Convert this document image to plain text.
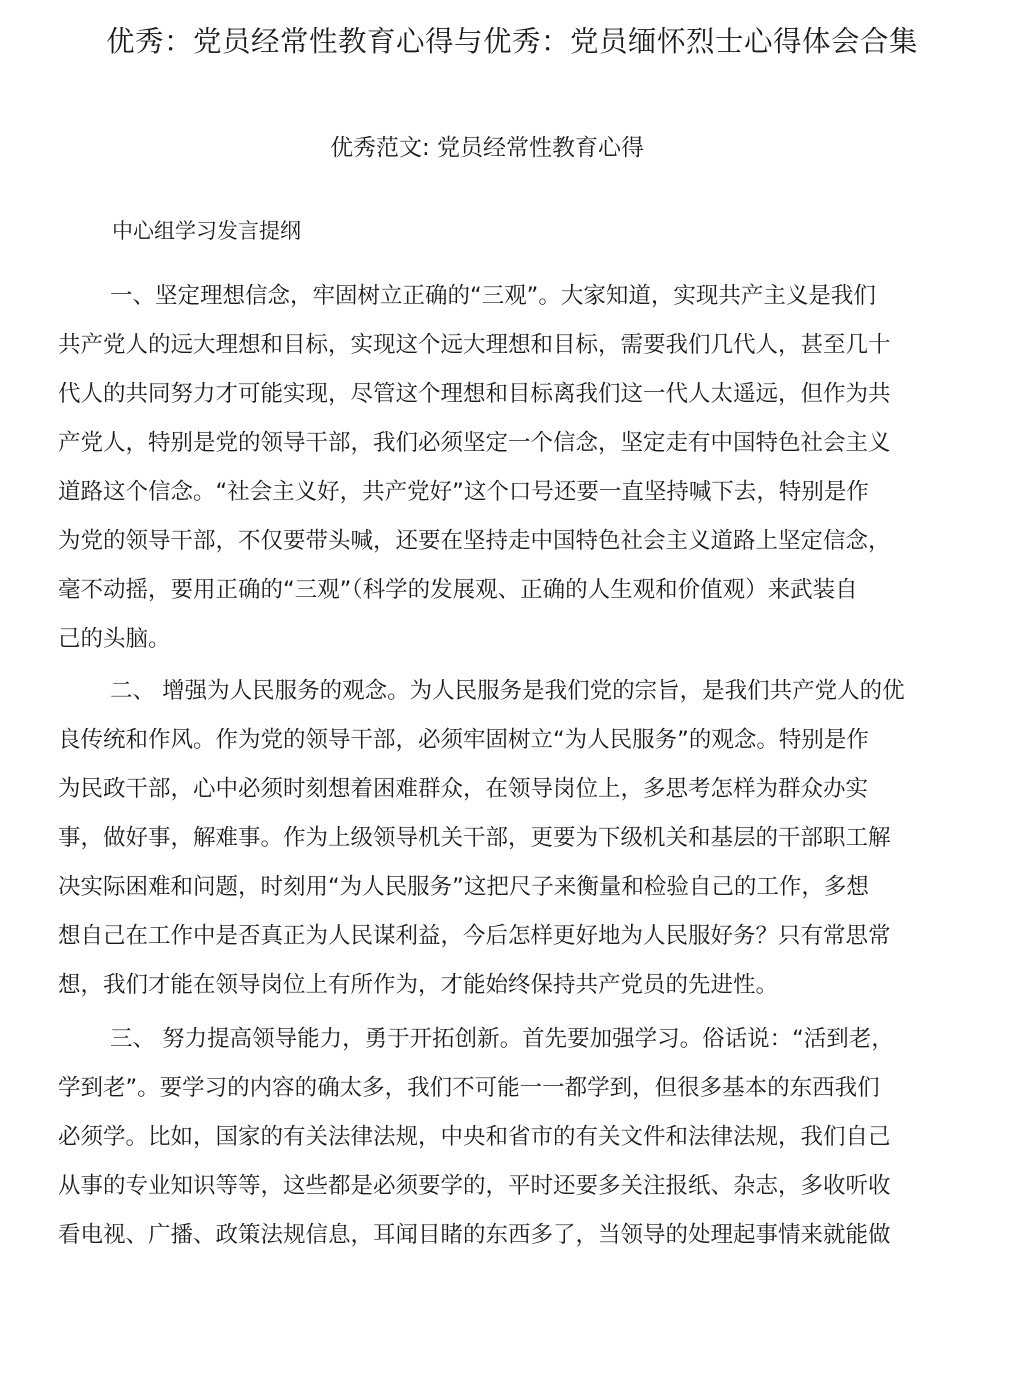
优秀：党员经常性教育心得与优秀：党员缅怀烈士心得体会合集
优秀范文: 党员经常性教育心得
中心组学习发言提纲
一、坚定理想信念，牢固树立正确的“三观”。大家知道，实现共产主义是我们
共产党人的远大理想和目标，实现这个远大理想和目标，需要我们几代人，甚至几十
代人的共同努力才可能实现，尽管这个理想和目标离我们这一代人太遥远，但作为共
产党人，特别是党的领导干部，我们必须坚定一个信念，坚定走有中国特色社会主义
道路这个信念。“社会主义好，共产党好”这个口号还要一直坚持喊下去，特别是作
为党的领导干部，不仅要带头喊，还要在坚持走中国特色社会主义道路上坚定信念，
毫不动摇，要用正确的“三观”（科学的发展观、正确的人生观和价值观）来武装自
己的头脑。
二、 增强为人民服务的观念。为人民服务是我们党的宗旨，是我们共产党人的优
良传统和作风。作为党的领导干部，必须牢固树立“为人民服务”的观念。特别是作
为民政干部，心中必须时刻想着困难群众，在领导岗位上，多思考怎样为群众办实
事，做好事，解难事。作为上级领导机关干部，更要为下级机关和基层的干部职工解
决实际困难和问题，时刻用“为人民服务”这把尺子来衡量和检验自己的工作，多想
想自己在工作中是否真正为人民谋利益，今后怎样更好地为人民服好务？只有常思常
想，我们才能在领导岗位上有所作为，才能始终保持共产党员的先进性。
三、 努力提高领导能力，勇于开拓创新。首先要加强学习。俗话说：“活到老，
学到老”。要学习的内容的确太多，我们不可能一一都学到，但很多基本的东西我们
必须学。比如，国家的有关法律法规，中央和省市的有关文件和法律法规，我们自己
从事的专业知识等等，这些都是必须要学的，平时还要多关注报纸、杂志，多收听收
看电视、广播、政策法规信息，耳闻目睹的东西多了，当领导的处理起事情来就能做
